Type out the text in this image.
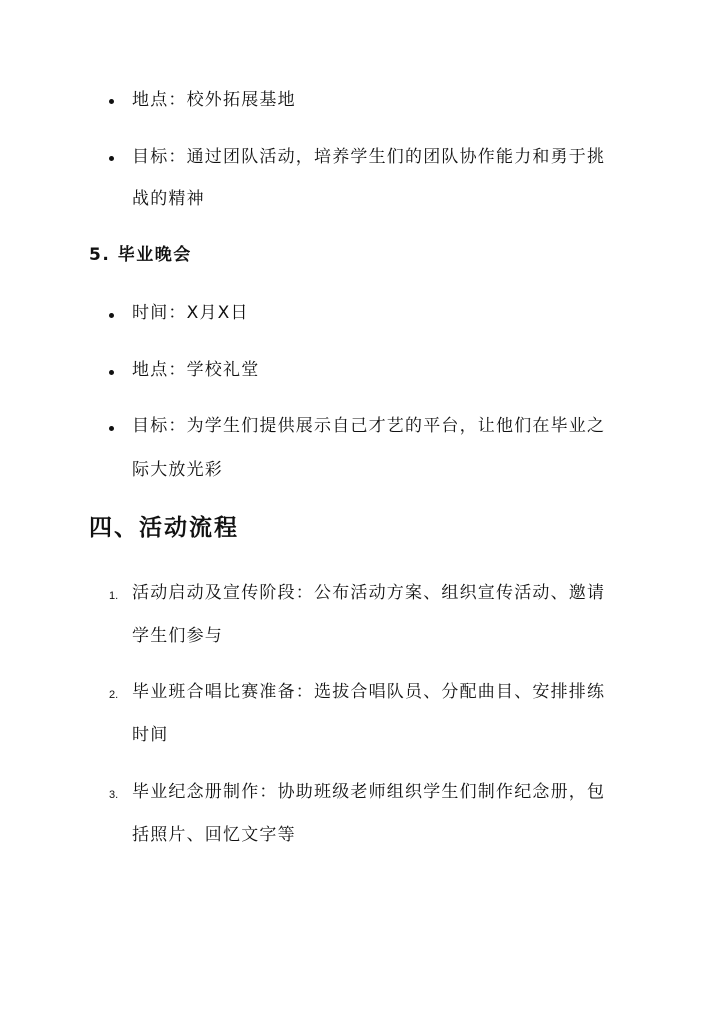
地点：校外拓展基地
目标：通过团队活动，培养学生们的团队协作能力和勇于挑
战的精神
5. 毕业晚会
时间：X月X日
地点：学校礼堂
目标：为学生们提供展示自己才艺的平台，让他们在毕业之
际大放光彩
四、活动流程
1. 活动启动及宣传阶段：公布活动方案、组织宣传活动、邀请
学生们参与
2. 毕业班合唱比赛准备：选拔合唱队员、分配曲目、安排排练
时间
3. 毕业纪念册制作：协助班级老师组织学生们制作纪念册，包
括照片、回忆文字等
